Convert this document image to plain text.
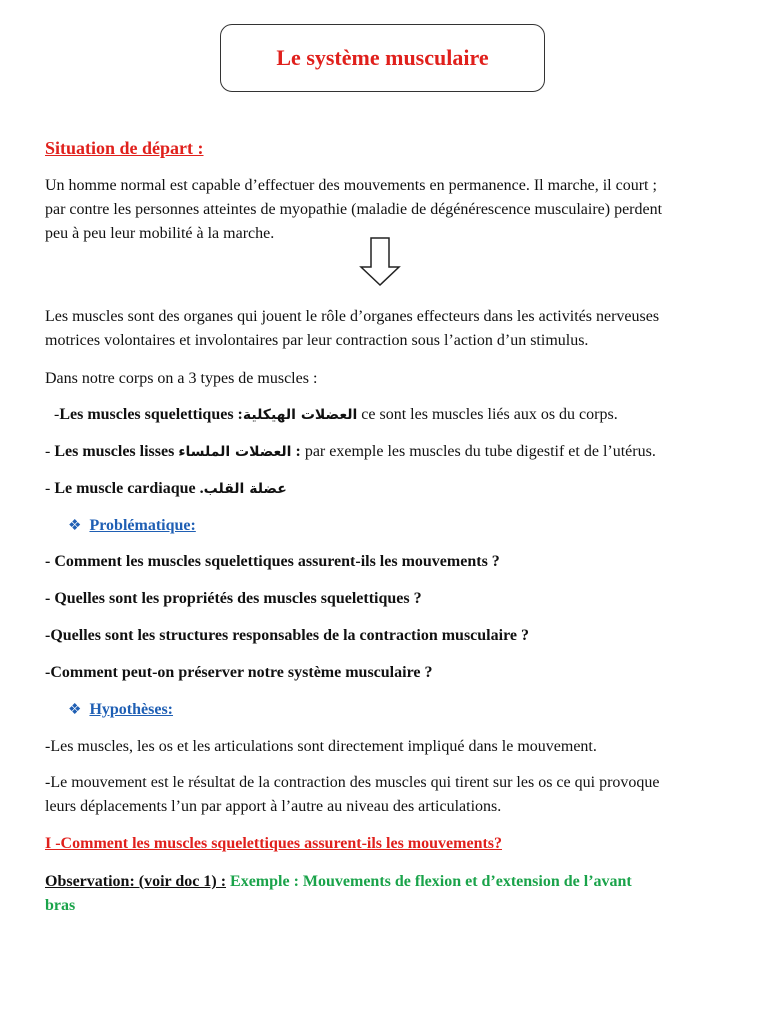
Le système musculaire
Situation de départ :
Un homme normal est capable d’effectuer des mouvements en permanence. Il marche, il court ;
par contre les personnes atteintes de myopathie (maladie de dégénérescence musculaire) perdent
peu à peu leur mobilité à la marche.
Les muscles sont des organes qui jouent le rôle d’organes effecteurs dans les activités nerveuses
motrices volontaires et involontaires par leur contraction sous l’action d’un stimulus.
Dans notre corps on a 3 types de muscles :
-Les muscles squelettiques :العضلات الهيكلية ce sont les muscles liés aux os du corps.
- Les muscles lisses العضلات الملساء : par exemple les muscles du tube digestif et de l’utérus.
- Le muscle cardiaque .عضلة القلب
❖ Problématique:
- Comment les muscles squelettiques assurent-ils les mouvements ?
- Quelles sont les propriétés des muscles squelettiques ?
-Quelles sont les structures responsables de la contraction musculaire ?
-Comment peut-on préserver notre système musculaire ?
❖ Hypothèses:
-Les muscles, les os et les articulations sont directement impliqué dans le mouvement.
-Le mouvement est le résultat de la contraction des muscles qui tirent sur les os ce qui provoque
leurs déplacements l’un par apport à l’autre au niveau des articulations.
I -Comment les muscles squelettiques assurent-ils les mouvements?
Observation: (voir doc 1) : Exemple : Mouvements de flexion et d’extension de l’avant
bras
